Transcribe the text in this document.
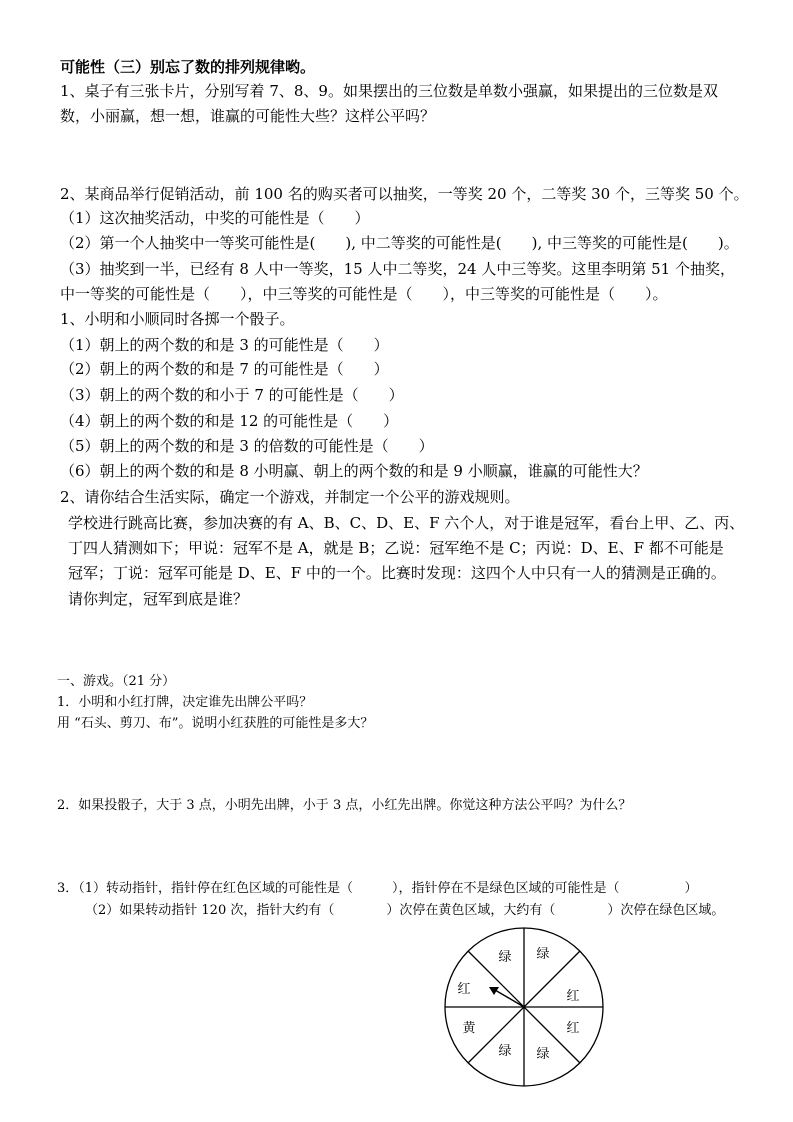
可能性（三）别忘了数的排列规律哟。
1、桌子有三张卡片，分别写着 7、8、9。如果摆出的三位数是单数小强赢，如果提出的三位数是双
数，小丽赢，想一想，谁赢的可能性大些？这样公平吗？
2、某商品举行促销活动，前 100 名的购买者可以抽奖，一等奖 20 个，二等奖 30 个，三等奖 50 个。
（1）这次抽奖活动，中奖的可能性是（　　）
（2）第一个人抽奖中一等奖可能性是(　　), 中二等奖的可能性是(　　), 中三等奖的可能性是(　　)。
（3）抽奖到一半，已经有 8 人中一等奖，15 人中二等奖，24 人中三等奖。这里李明第 51 个抽奖，
中一等奖的可能性是（　　），中三等奖的可能性是（　　），中三等奖的可能性是（　　）。
1、小明和小顺同时各掷一个骰子。
（1）朝上的两个数的和是 3 的可能性是（　　）
（2）朝上的两个数的和是 7 的可能性是（　　）
（3）朝上的两个数的和小于 7 的可能性是（　　）
（4）朝上的两个数的和是 12 的可能性是（　　）
（5）朝上的两个数的和是 3 的倍数的可能性是（　　）
（6）朝上的两个数的和是 8 小明赢、朝上的两个数的和是 9 小顺赢，谁赢的可能性大？
2、请你结合生活实际，确定一个游戏，并制定一个公平的游戏规则。
学校进行跳高比赛，参加决赛的有 A、B、C、D、E、F 六个人，对于谁是冠军，看台上甲、乙、丙、
丁四人猜测如下；甲说：冠军不是 A，就是 B；乙说：冠军绝不是 C；丙说：D、E、F 都不可能是
冠军；丁说：冠军可能是 D、E、F 中的一个。比赛时发现：这四个人中只有一人的猜测是正确的。
请你判定，冠军到底是谁？
一、游戏。（21 分）
1．小明和小红打牌，决定谁先出牌公平吗？
用 “石头、剪刀、布”。说明小红获胜的可能性是多大？
2．如果投骰子，大于 3 点，小明先出牌，小于 3 点，小红先出牌。你觉这种方法公平吗？为什么？
3．（1）转动指针，指针停在红色区域的可能性是（　　　），指针停在不是绿色区域的可能性是（　　　　　）
（2）如果转动指针 120 次，指针大约有（　　　　）次停在黄色区域，大约有（　　　　）次停在绿色区域。
绿
红
黄
绿 绿
红
红
绿
